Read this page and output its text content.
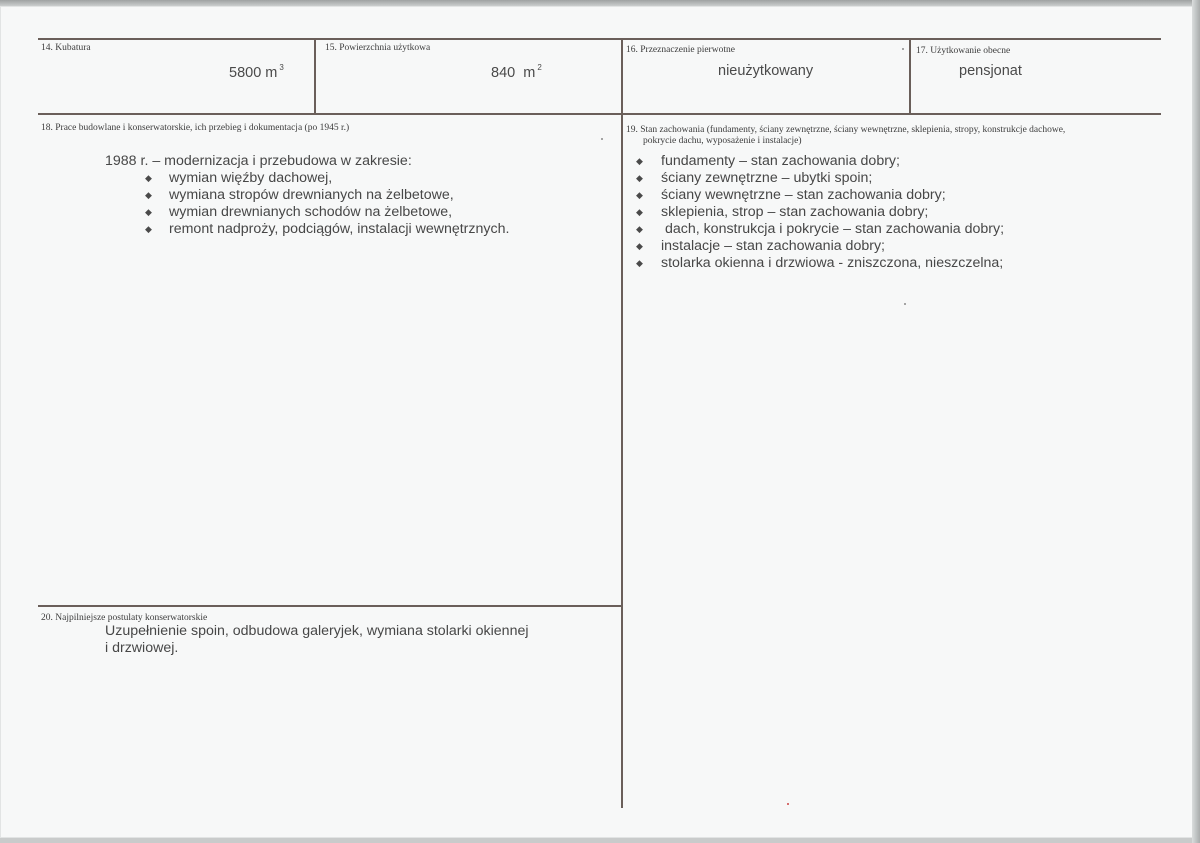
14. Kubatura
5800 m $^3$
15. Powierzchnia użytkowa
840  m $^2$
16. Przeznaczenie pierwotne
nieużytkowany
17. Użytkowanie obecne
pensjonat
18. Prace budowlane i konserwatorskie, ich przebieg i dokumentacja (po 1945 r.)
1988 r. – modernizacja i przebudowa w zakresie:
◆ wymian więźby dachowej,
◆ wymiana stropów drewnianych na żelbetowe,
◆ wymian drewnianych schodów na żelbetowe,
◆ remont nadproży, podciągów, instalacji wewnętrznych.
19. Stan zachowania (fundamenty, ściany zewnętrzne, ściany wewnętrzne, sklepienia, stropy, konstrukcje dachowe,
pokrycie dachu, wyposażenie i instalacje)
◆ fundamenty – stan zachowania dobry;
◆ ściany zewnętrzne – ubytki spoin;
◆ ściany wewnętrzne – stan zachowania dobry;
◆ sklepienia, strop – stan zachowania dobry;
◆ dach, konstrukcja i pokrycie – stan zachowania dobry;
◆ instalacje – stan zachowania dobry;
◆ stolarka okienna i drzwiowa - zniszczona, nieszczelna;
20. Najpilniejsze postulaty konserwatorskie
Uzupełnienie spoin, odbudowa galeryjek, wymiana stolarki okiennej
i drzwiowej.
